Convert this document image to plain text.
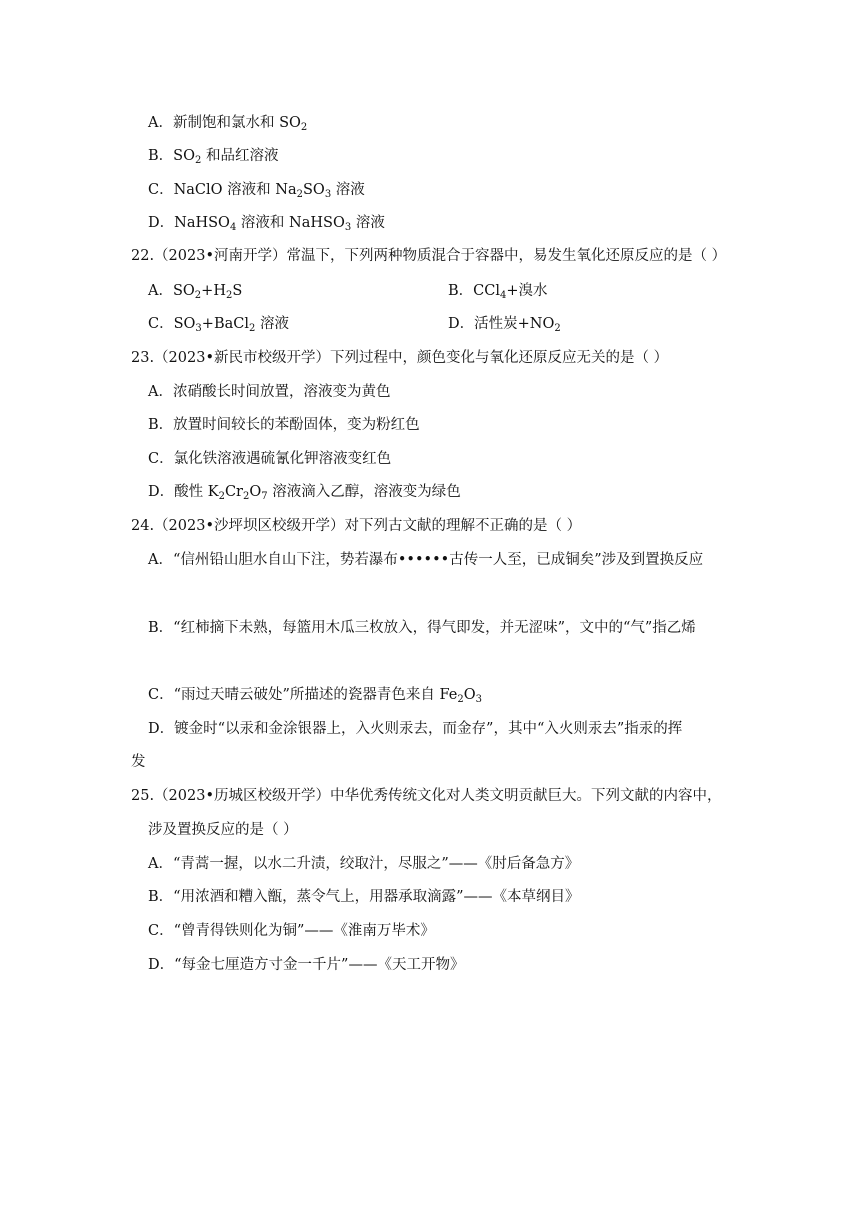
A．新制饱和氯水和 $SO_2$
B．$SO_2$ 和品红溶液
C．NaClO 溶液和 $Na_2SO_3$ 溶液
D．NaHSO$_4$ 溶液和 NaHSO$_3$ 溶液
22.（2023•河南开学）常温下，下列两种物质混合于容器中，易发生氧化还原反应的是（ ）
A．$SO_2+H_2S$	B．CCl$_4$+溴水
C．$SO_3+BaCl_2$ 溶液	D．活性炭$+NO_2$
23.（2023•新民市校级开学）下列过程中，颜色变化与氧化还原反应无关的是（ ）
A．浓硝酸长时间放置，溶液变为黄色
B．放置时间较长的苯酚固体，变为粉红色
C．氯化铁溶液遇硫氰化钾溶液变红色
D．酸性 $K_2Cr_2O_7$ 溶液滴入乙醇，溶液变为绿色
24.（2023•沙坪坝区校级开学）对下列古文献的理解不正确的是（ ）
A．“信州铅山胆水自山下注，势若瀑布••••••古传一人至，已成铜矣”涉及到置换反应
B．“红柿摘下未熟，每篮用木瓜三枚放入，得气即发，并无涩味”，文中的“气”指乙烯
C．“雨过天晴云破处”所描述的瓷器青色来自 $Fe_2O_3$
D．镀金时“以汞和金涂银器上，入火则汞去，而金存”，其中“入火则汞去”指汞的挥
发
25.（2023•历城区校级开学）中华优秀传统文化对人类文明贡献巨大。下列文献的内容中，
涉及置换反应的是（ ）
A．“青蒿一握，以水二升渍，绞取汁，尽服之”——《肘后备急方》
B．“用浓酒和糟入甑，蒸令气上，用器承取滴露”——《本草纲目》
C．“曾青得铁则化为铜”——《淮南万毕术》
D．“每金七厘造方寸金一千片”——《天工开物》
